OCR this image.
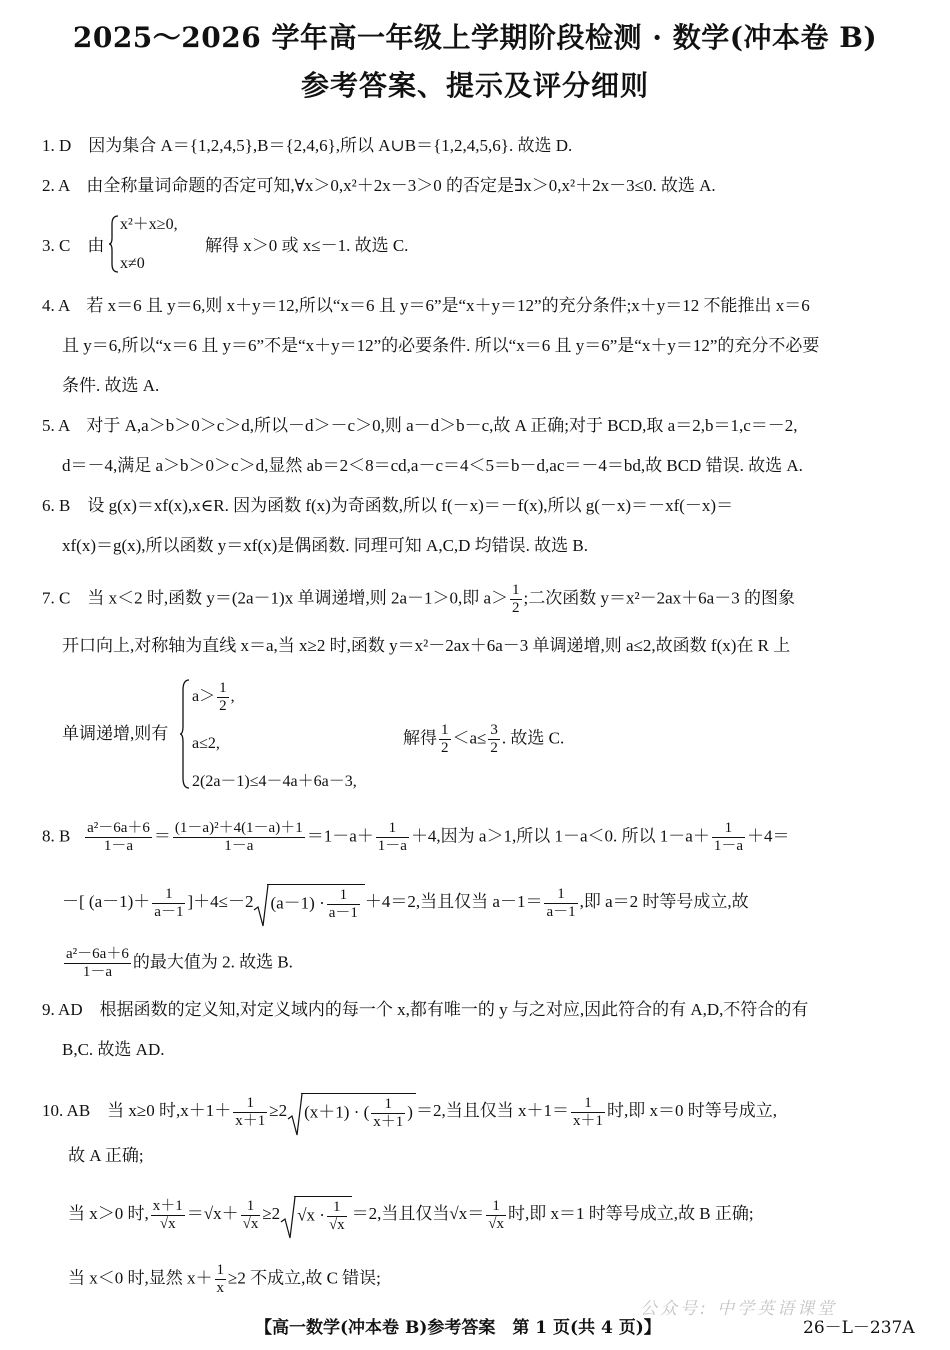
2025～2026 学年高一年级上学期阶段检测 · 数学(冲本卷 B)
参考答案、提示及评分细则
1. D　因为集合 A＝{1,2,4,5},B＝{2,4,6},所以 A∪B＝{1,2,4,5,6}. 故选 D.
2. A　由全称量词命题的否定可知,∀x＞0,x²＋2x－3＞0 的否定是∃x＞0,x²＋2x－3≤0. 故选 A.
3. C　由
x²＋x≥0,
x≠0
解得 x＞0 或 x≤－1. 故选 C.
4. A　若 x＝6 且 y＝6,则 x＋y＝12,所以“x＝6 且 y＝6”是“x＋y＝12”的充分条件;x＋y＝12 不能推出 x＝6
且 y＝6,所以“x＝6 且 y＝6”不是“x＋y＝12”的必要条件. 所以“x＝6 且 y＝6”是“x＋y＝12”的充分不必要
条件. 故选 A.
5. A　对于 A,a＞b＞0＞c＞d,所以－d＞－c＞0,则 a－d＞b－c,故 A 正确;对于 BCD,取 a＝2,b＝1,c＝－2,
d＝－4,满足 a＞b＞0＞c＞d,显然 ab＝2＜8＝cd,a－c＝4＜5＝b－d,ac＝－4＝bd,故 BCD 错误. 故选 A.
6. B　设 g(x)＝xf(x),x∈R. 因为函数 f(x)为奇函数,所以 f(－x)＝－f(x),所以 g(－x)＝－xf(－x)＝
xf(x)＝g(x),所以函数 y＝xf(x)是偶函数. 同理可知 A,C,D 均错误. 故选 B.
7. C　当 x＜2 时,函数 y＝(2a－1)x 单调递增,则 2a－1＞0,即 $a> \frac{1}{2}$ ;二次函数 y＝x²－2ax＋6a－3 的图象
开口向上,对称轴为直线 x＝a,当 x≥2 时,函数 y＝x²－2ax＋6a－3 单调递增,则 a≤2,故函数 f(x)在 R 上
单调递增,则有
$a> \frac{1}{2}$ ,
a≤2,
2(2a－1)≤4－4a＋6a－3,
解得 $\frac{1}{2} <a\le \frac{3}{2}$ . 故选 C.
8. B $\frac{\text{a²－6a＋6}}{1-a} = \frac{\text{(1－a)²＋4(1－a)＋1}}{1-a} =1-a+ \frac{1}{1-a} +4$,因为 a＞1,所以 1－a＜0. 所以 $1-a+ \frac{1}{1-a} +4=$
－[ $(a-1)+ \frac{1}{a-1} ]+4\le-2$ $(a-1) \cdot \frac{1}{a-1} +4=2$,当且仅当 $a-1= \frac{1}{a-1}$ ,即 a＝2 时等号成立,故
$\frac{\text{a²－6a＋6}}{1-a}$ 的最大值为 2. 故选 B.
9. AD　根据函数的定义知,对定义域内的每一个 x,都有唯一的 y 与之对应,因此符合的有 A,D,不符合的有
B,C. 故选 AD.
10. AB　当 x≥0 时$,x+1+ \frac{1}{x+1} \ge 2$ (x＋1) · ( $\frac{1}{x+1}$ ) ＝2,当且仅当 $x+1= \frac{1}{x+1}$ 时,即 x＝0 时等号成立,
故 A 正确;
当 x＞0 时, $\frac{x+1}{√x} =√x+ \frac{1}{√x} \ge 2$ $√x \cdot \frac{1}{√x} =2$,当且仅当$√x= \frac{1}{√x}$ 时,即 x＝1 时等号成立,故 B 正确;
当 x＜0 时,显然 $x+ \frac{1}{x} \ge 2$ 不成立,故 C 错误;
公众号: 中学英语课堂
【高一数学(冲本卷 B)参考答案　第 1 页(共 4 页)】	26－L－237A
